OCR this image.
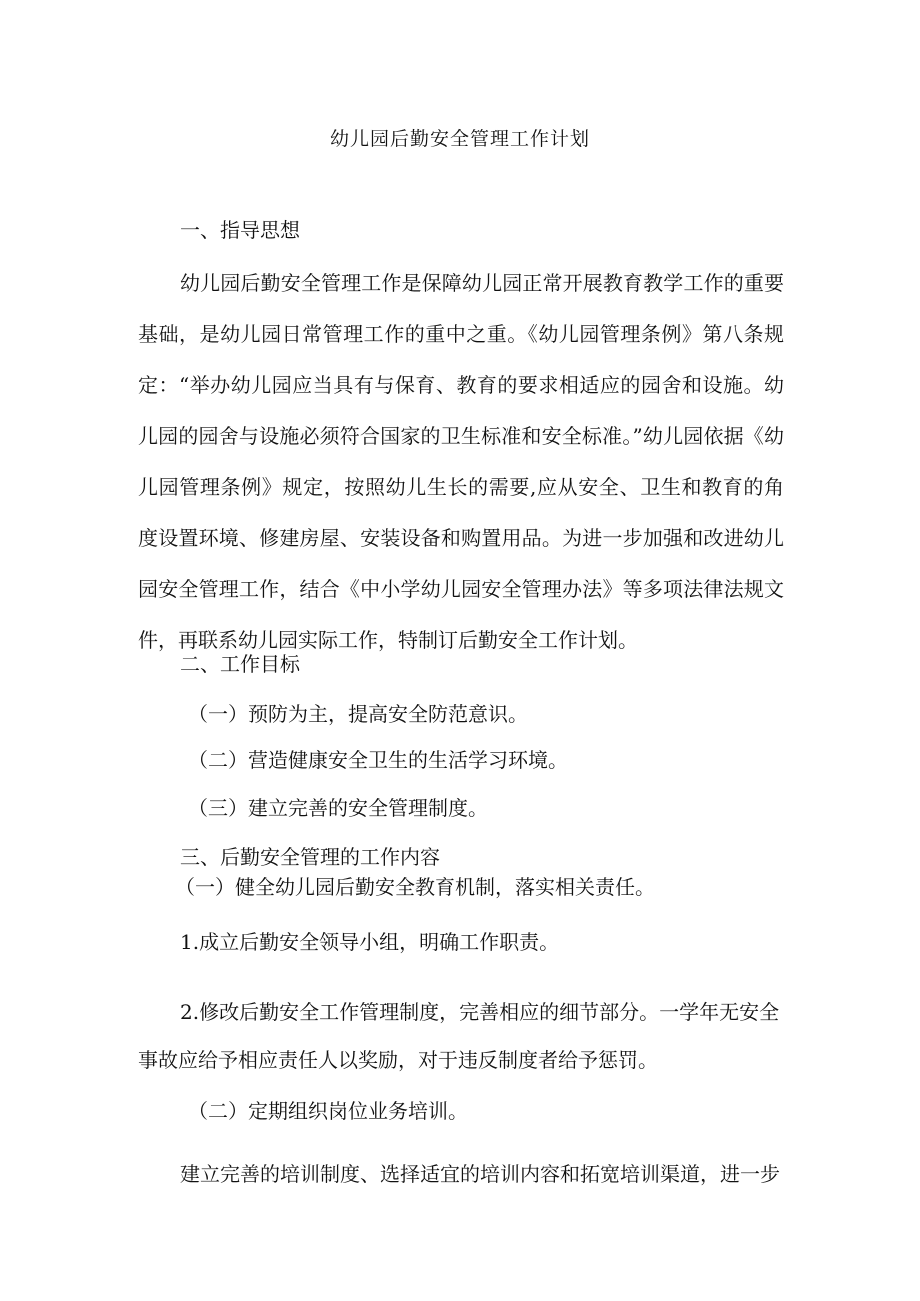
幼儿园后勤安全管理工作计划
一、指导思想
幼儿园后勤安全管理工作是保障幼儿园正常开展教育教学工作的重要基础，是幼儿园日常管理工作的重中之重。《幼儿园管理条例》第八条规定：“举办幼儿园应当具有与保育、教育的要求相适应的园舍和设施。幼儿园的园舍与设施必须符合国家的卫生标准和安全标准。”幼儿园依据《幼儿园管理条例》规定，按照幼儿生长的需要,应从安全、卫生和教育的角度设置环境、修建房屋、安装设备和购置用品。为进一步加强和改进幼儿园安全管理工作，结合《中小学幼儿园安全管理办法》等多项法律法规文件，再联系幼儿园实际工作，特制订后勤安全工作计划。
二、工作目标
（一）预防为主，提高安全防范意识。
（二）营造健康安全卫生的生活学习环境。
（三）建立完善的安全管理制度。
三、后勤安全管理的工作内容
（一）健全幼儿园后勤安全教育机制，落实相关责任。
1.成立后勤安全领导小组，明确工作职责。
2.修改后勤安全工作管理制度，完善相应的细节部分。一学年无安全
事故应给予相应责任人以奖励，对于违反制度者给予惩罚。
（二）定期组织岗位业务培训。
建立完善的培训制度、选择适宜的培训内容和拓宽培训渠道，进一步
